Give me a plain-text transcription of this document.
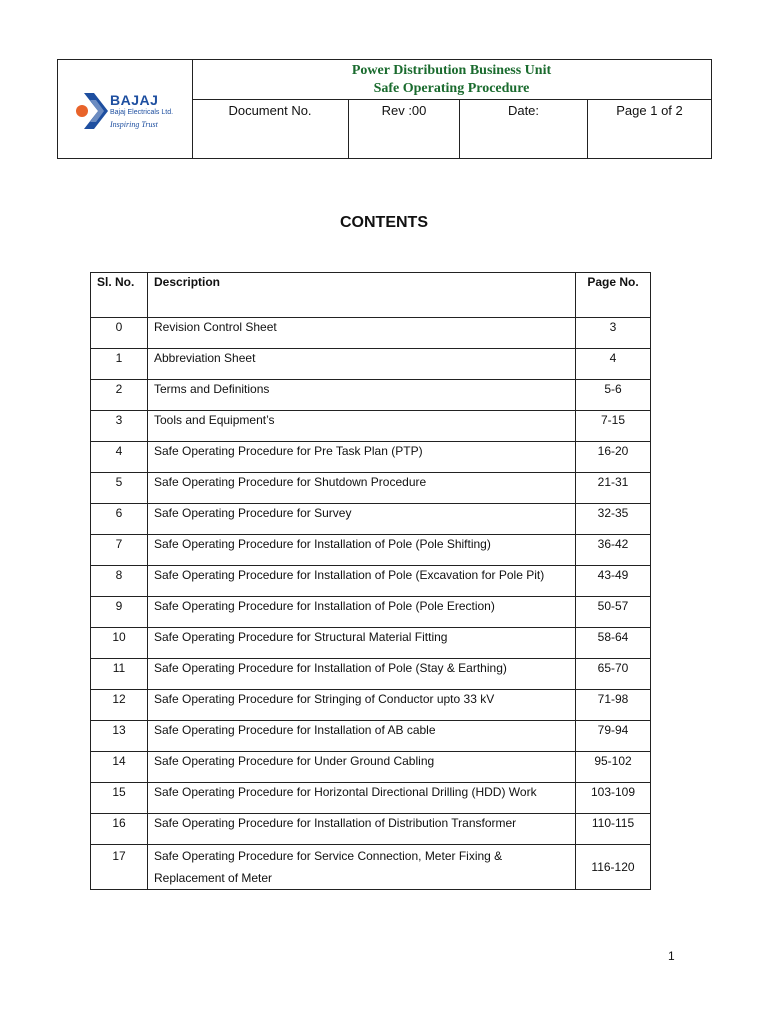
BAJAJ
Bajaj Electricals Ltd.
Inspiring Trust
Power Distribution Business Unit
Safe Operating Procedure
Document No.	Rev :00	Date:	Page 1 of 2
CONTENTS
Sl. No.	Description	Page No.
0	Revision Control Sheet	3
1	Abbreviation Sheet	4
2	Terms and Definitions	5-6
3	Tools and Equipment’s	7-15
4	Safe Operating Procedure for Pre Task Plan (PTP)	16-20
5	Safe Operating Procedure for Shutdown Procedure	21-31
6	Safe Operating Procedure for Survey	32-35
7	Safe Operating Procedure for Installation of Pole (Pole Shifting)	36-42
8	Safe Operating Procedure for Installation of Pole (Excavation for Pole Pit)	43-49
9	Safe Operating Procedure for Installation of Pole (Pole Erection)	50-57
10	Safe Operating Procedure for Structural Material Fitting	58-64
11	Safe Operating Procedure for Installation of Pole (Stay & Earthing)	65-70
12	Safe Operating Procedure for Stringing of Conductor upto 33 kV	71-98
13	Safe Operating Procedure for Installation of AB cable	79-94
14	Safe Operating Procedure for Under Ground Cabling	95-102
15	Safe Operating Procedure for Horizontal Directional Drilling (HDD) Work	103-109
16	Safe Operating Procedure for Installation of Distribution Transformer	110-115
17	Safe Operating Procedure for Service Connection, Meter Fixing & Replacement of Meter	116-120
1
